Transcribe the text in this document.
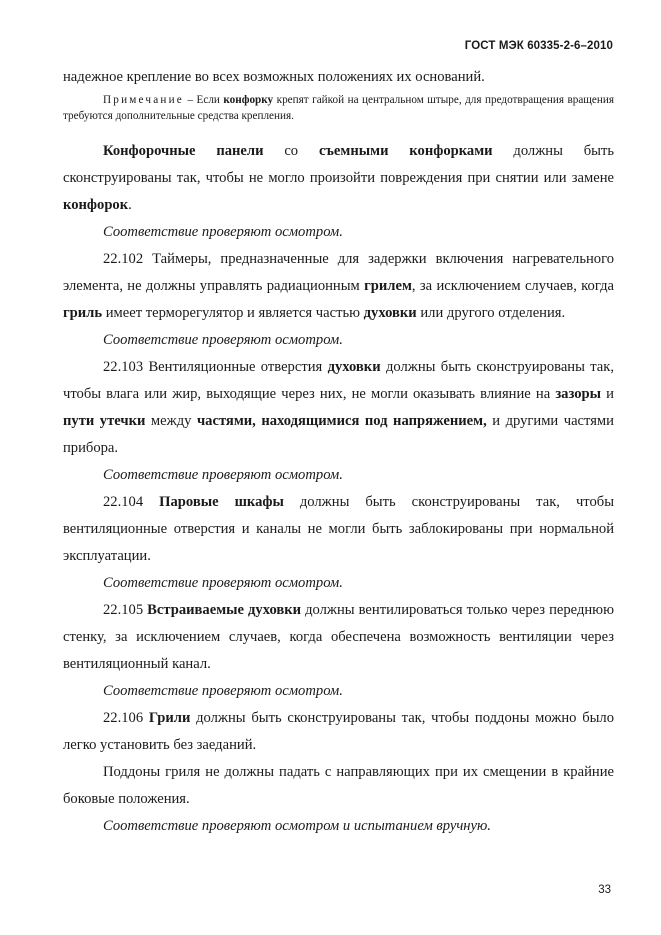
ГОСТ МЭК 60335-2-6–2010

надежное крепление во всех возможных положениях их оснований.

Примечание – Если конфорку крепят гайкой на центральном штыре, для предотвращения вращения требуются дополнительные средства крепления.

Конфорочные панели со съемными конфорками должны быть сконструированы так, чтобы не могло произойти повреждения при снятии или замене конфорок.

Соответствие проверяют осмотром.

22.102 Таймеры, предназначенные для задержки включения нагревательного элемента, не должны управлять радиационным грилем, за исключением случаев, когда гриль имеет терморегулятор и является частью духовки или другого отделения.

Соответствие проверяют осмотром.

22.103 Вентиляционные отверстия духовки должны быть сконструированы так, чтобы влага или жир, выходящие через них, не могли оказывать влияние на зазоры и пути утечки между частями, находящимися под напряжением, и другими частями прибора.

Соответствие проверяют осмотром.

22.104 Паровые шкафы должны быть сконструированы так, чтобы вентиляционные отверстия и каналы не могли быть заблокированы при нормальной эксплуатации.

Соответствие проверяют осмотром.

22.105 Встраиваемые духовки должны вентилироваться только через переднюю стенку, за исключением случаев, когда обеспечена возможность вентиляции через вентиляционный канал.

Соответствие проверяют осмотром.

22.106 Грили должны быть сконструированы так, чтобы поддоны можно было легко установить без заеданий.

Поддоны гриля не должны падать с направляющих при их смещении в крайние боковые положения.

Соответствие проверяют осмотром и испытанием вручную.

33
